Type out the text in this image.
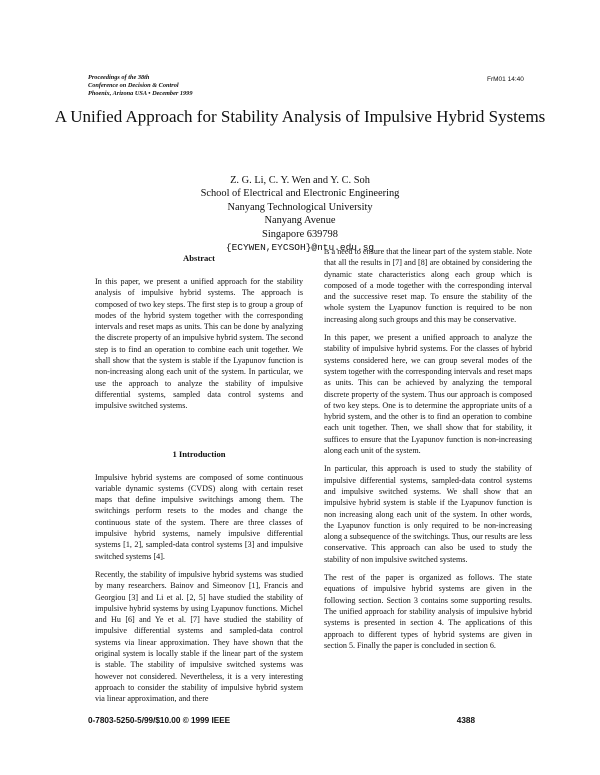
Proceedings of the 38th
Conference on Decision & Control
Phoenix, Arizona USA • December 1999
FrM01 14:40
A Unified Approach for Stability Analysis of Impulsive Hybrid Systems
Z. G. Li, C. Y. Wen and Y. C. Soh
School of Electrical and Electronic Engineering
Nanyang Technological University
Nanyang Avenue
Singapore 639798
{ECYWEN,EYCSOH}@ntu.edu.sg
Abstract

In this paper, we present a unified approach for the stability analysis of impulsive hybrid systems. The approach is composed of two key steps. The first step is to group a group of modes of the hybrid system together with the corresponding intervals and reset maps as units. This can be done by analyzing the discrete property of an impulsive hybrid system. The second step is to find an operation to combine each unit together. We shall show that the system is stable if the Lyapunov function is non-increasing along each unit of the system. In particular, we use the approach to analyze the stability of impulsive differential systems, sampled data control systems and impulsive switched systems.

1 Introduction

Impulsive hybrid systems are composed of some continuous variable dynamic systems (CVDS) along with certain reset maps that define impulsive switchings among them. The switchings perform resets to the modes and change the continuous state of the system. There are three classes of impulsive hybrid systems, namely impulsive differential systems [1, 2], sampled-data control systems [3] and impulsive switched systems [4].

Recently, the stability of impulsive hybrid systems was studied by many researchers. Bainov and Simeonov [1], Francis and Georgiou [3] and Li et al. [2, 5] have studied the stability of impulsive hybrid systems by using Lyapunov functions. Michel and Hu [6] and Ye et al. [7] have studied the stability of impulsive differential systems and sampled-data control systems via linear approximation. They have shown that the original system is locally stable if the linear part of the system is stable. The stability of impulsive switched systems was however not considered. Nevertheless, it is a very interesting approach to consider the stability of impulsive hybrid system via linear approximation, and there

is a need to ensure that the linear part of the system stable. Note that all the results in [7] and [8] are obtained by considering the dynamic state characteristics along each group which is composed of a mode together with the corresponding interval and the successive reset map. To ensure the stability of the whole system the Lyapunov function is required to be non increasing along such groups and this may be conservative.

In this paper, we present a unified approach to analyze the stability of impulsive hybrid systems. For the classes of hybrid systems considered here, we can group several modes of the system together with the corresponding intervals and reset maps as units. This can be achieved by analyzing the temporal discrete property of the system. Thus our approach is composed of two key steps. One is to determine the appropriate units of a hybrid system, and the other is to find an operation to combine each unit together. Then, we shall show that for stability, it suffices to ensure that the Lyapunov function is non-increasing along each unit of the system.

In particular, this approach is used to study the stability of impulsive differential systems, sampled-data control systems and impulsive switched systems. We shall show that an impulsive hybrid system is stable if the Lyapunov function is non increasing along each unit of the system. In other words, the Lyapunov function is only required to be non-increasing along a subsequence of the switchings. Thus, our results are less conservative. This approach can also be used to study the stability of non impulsive switched systems.

The rest of the paper is organized as follows. The state equations of impulsive hybrid systems are given in the following section. Section 3 contains some supporting results. The unified approach for stability analysis of impulsive hybrid systems is presented in section 4. The applications of this approach to different types of hybrid systems are given in section 5. Finally the paper is concluded in section 6.

0-7803-5250-5/99/$10.00 © 1999 IEEE	4388
